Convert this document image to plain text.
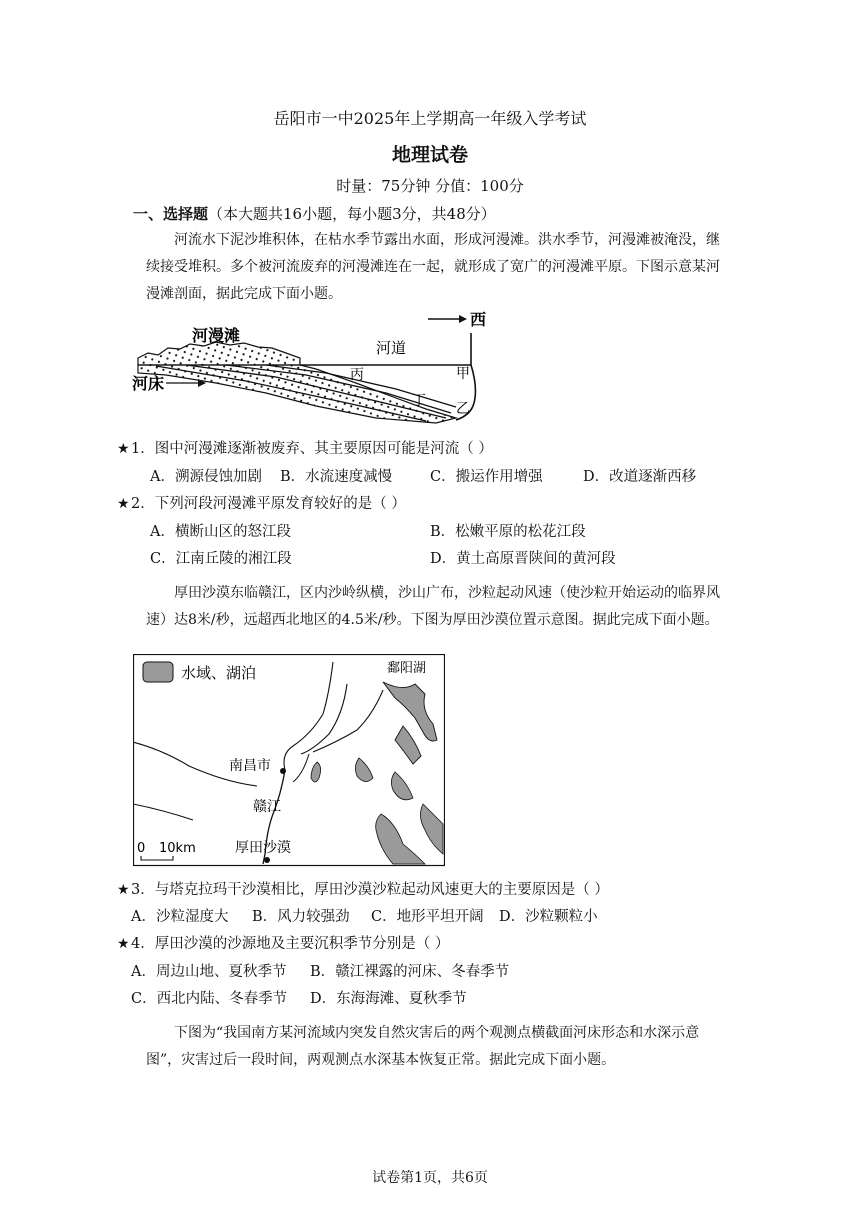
岳阳市一中2025年上学期高一年级入学考试
地理试卷
时量：75分钟 分值：100分
一、选择题（本大题共16小题，每小题3分，共48分）
河流水下泥沙堆积体，在枯水季节露出水面，形成河漫滩。洪水季节，河漫滩被淹没，继续接受堆积。多个被河流废弃的河漫滩连在一起，就形成了宽广的河漫滩平原。下图示意某河漫滩剖面，据此完成下面小题。
西
河漫滩
河道
河床	丙
丁
甲
乙
★1．图中河漫滩逐渐被废弃、其主要原因可能是河流（ ）
A．溯源侵蚀加剧 B．水流速度减慢	C．搬运作用增强	D．改道逐渐西移
★2．下列河段河漫滩平原发育较好的是（ ）
A．横断山区的怒江段	B．松嫩平原的松花江段
C．江南丘陵的湘江段	D．黄土高原晋陕间的黄河段
厚田沙漠东临赣江，区内沙岭纵横，沙山广布，沙粒起动风速（使沙粒开始运动的临界风速）达8米/秒，远超西北地区的4.5米/秒。下图为厚田沙漠位置示意图。据此完成下面小题。
水域、湖泊	鄱阳湖
南昌市
赣江
厚田沙漠
0 10km
★3．与塔克拉玛干沙漠相比，厚田沙漠沙粒起动风速更大的主要原因是（ ）
A．沙粒湿度大 B．风力较强劲 C．地形平坦开阔 D．沙粒颗粒小
★4．厚田沙漠的沙源地及主要沉积季节分别是（ ）
A．周边山地、夏秋季节 B．赣江裸露的河床、冬春季节
C．西北内陆、冬春季节 D．东海海滩、夏秋季节
下图为“我国南方某河流域内突发自然灾害后的两个观测点横截面河床形态和水深示意图”，灾害过后一段时间，两观测点水深基本恢复正常。据此完成下面小题。
试卷第1页，共6页
